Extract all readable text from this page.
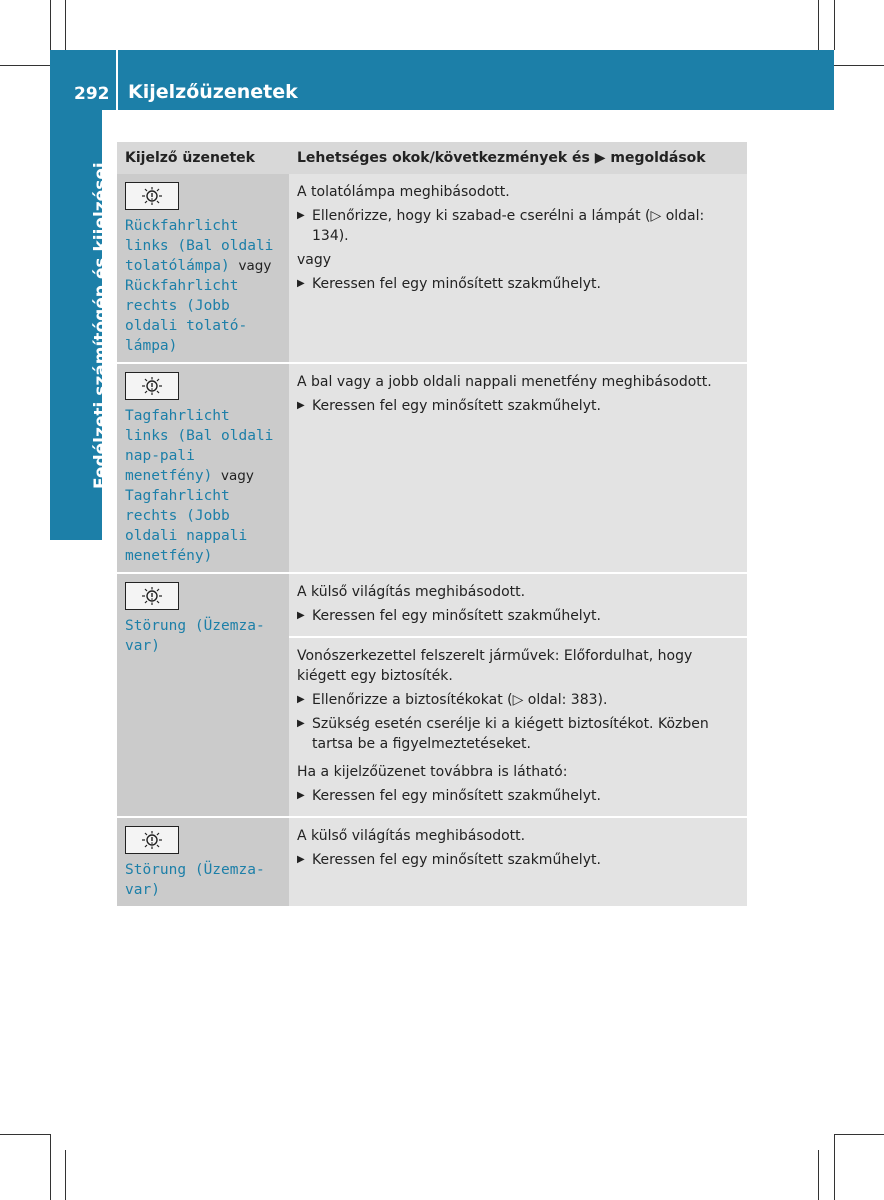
292 Kijelzőüzenetek
Fedélzeti számítógép és kijelzései
Kijelző üzenetek	Lehetséges okok/következmények és ▶ megoldások

Rückfahrlicht links (Bal oldali tolatólámpa) vagy Rückfahrlicht rechts (Jobb oldali tolató-lámpa)	A tolatólámpa meghibásodott.

▶ Ellenőrizze, hogy ki szabad-e cserélni a lámpát (▷ oldal: 134).

vagy

▶ Keressen fel egy minősített szakműhelyt.

Tagfahrlicht links (Bal oldali nap-pali menetfény) vagy Tagfahrlicht rechts (Jobb oldali nappali menetfény)	A bal vagy a jobb oldali nappali menetfény meghibásodott.

▶ Keressen fel egy minősített szakműhelyt.

Störung (Üzemza-var)	A külső világítás meghibásodott.

▶ Keressen fel egy minősített szakműhelyt.

	Vonószerkezettel felszerelt járművek: Előfordulhat, hogy kiégett egy biztosíték.

▶ Ellenőrizze a biztosítékokat (▷ oldal: 383).
▶ Szükség esetén cserélje ki a kiégett biztosítékot. Közben tartsa be a figyelmeztetéseket.

Ha a kijelzőüzenet továbbra is látható:

▶ Keressen fel egy minősített szakműhelyt.

Störung (Üzemza-var)	A külső világítás meghibásodott.

▶ Keressen fel egy minősített szakműhelyt.
